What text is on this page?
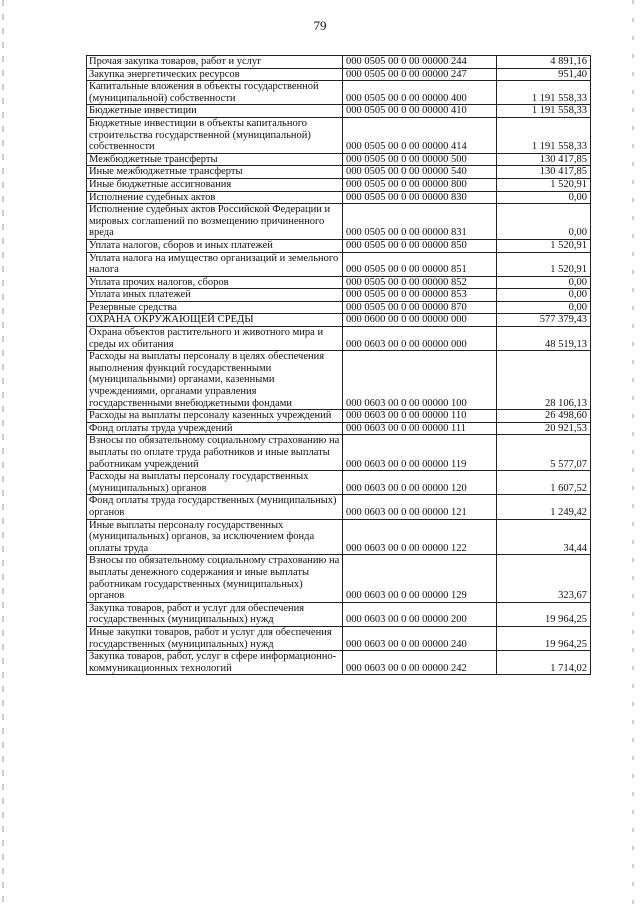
79
Прочая закупка товаров, работ и услуг	000 0505 00 0 00 00000 244	4 891,16
Закупка энергетических ресурсов	000 0505 00 0 00 00000 247	951,40
Капитальные вложения в объекты государственной (муниципальной) собственности	000 0505 00 0 00 00000 400	1 191 558,33
Бюджетные инвестиции	000 0505 00 0 00 00000 410	1 191 558,33
Бюджетные инвестиции в объекты капитального строительства государственной (муниципальной) собственности	000 0505 00 0 00 00000 414	1 191 558,33
Межбюджетные трансферты	000 0505 00 0 00 00000 500	130 417,85
Иные межбюджетные трансферты	000 0505 00 0 00 00000 540	130 417,85
Иные бюджетные ассигнования	000 0505 00 0 00 00000 800	1 520,91
Исполнение судебных актов	000 0505 00 0 00 00000 830	0,00
Исполнение судебных актов Российской Федерации и мировых соглашений по возмещению причиненного вреда	000 0505 00 0 00 00000 831	0,00
Уплата налогов, сборов и иных платежей	000 0505 00 0 00 00000 850	1 520,91
Уплата налога на имущество организаций и земельного налога	000 0505 00 0 00 00000 851	1 520,91
Уплата прочих налогов, сборов	000 0505 00 0 00 00000 852	0,00
Уплата иных платежей	000 0505 00 0 00 00000 853	0,00
Резервные средства	000 0505 00 0 00 00000 870	0,00
ОХРАНА ОКРУЖАЮЩЕЙ СРЕДЫ	000 0600 00 0 00 00000 000	577 379,43
Охрана объектов растительного и животного мира и среды их обитания	000 0603 00 0 00 00000 000	48 519,13
Расходы на выплаты персоналу в целях обеспечения выполнения функций государственными (муниципальными) органами, казенными учреждениями, органами управления государственными внебюджетными фондами	000 0603 00 0 00 00000 100	28 106,13
Расходы на выплаты персоналу казенных учреждений	000 0603 00 0 00 00000 110	26 498,60
Фонд оплаты труда учреждений	000 0603 00 0 00 00000 111	20 921,53
Взносы по обязательному социальному страхованию на выплаты по оплате труда работников и иные выплаты работникам учреждений	000 0603 00 0 00 00000 119	5 577,07
Расходы на выплаты персоналу государственных (муниципальных) органов	000 0603 00 0 00 00000 120	1 607,52
Фонд оплаты труда государственных (муниципальных) органов	000 0603 00 0 00 00000 121	1 249,42
Иные выплаты персоналу государственных (муниципальных) органов, за исключением фонда оплаты труда	000 0603 00 0 00 00000 122	34,44
Взносы по обязательному социальному страхованию на выплаты денежного содержания и иные выплаты работникам государственных (муниципальных) органов	000 0603 00 0 00 00000 129	323,67
Закупка товаров, работ и услуг для обеспечения государственных (муниципальных) нужд	000 0603 00 0 00 00000 200	19 964,25
Иные закупки товаров, работ и услуг для обеспечения государственных (муниципальных) нужд	000 0603 00 0 00 00000 240	19 964,25
Закупка товаров, работ, услуг в сфере информационно-коммуникационных технологий	000 0603 00 0 00 00000 242	1 714,02
